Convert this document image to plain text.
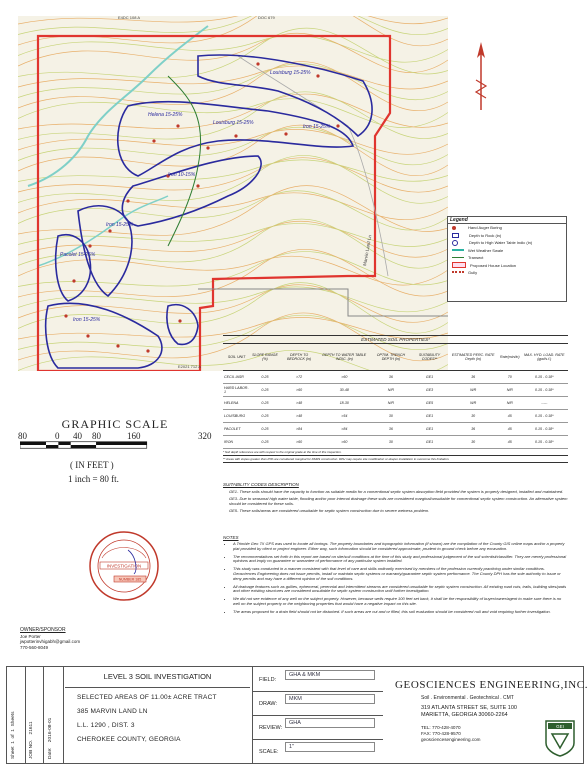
E4DC 108 A	DOC 679
E2021 712 A
Marvin Land Ln
Louisburg 15-25%
Helena 15-25%
Iron 15-25%
Louisburg 15-25%
Iron 10-15%
Iron 15-25%
Pacolet 15-25%
Iron 15-25%
Legend
Hand Auger Boring
Depth to Rock (in)
Depth to High Water Table Indic (in)
Wet Weather Swale
Transect
Proposed House Location
Gully
GRAPHIC SCALE
80	0 40 80	160	320
( IN FEET )
1 inch = 80 ft.
ESTIMATED SOIL PROPERTIES*
SOIL UNIT	SLOPE RANGE (%)	DEPTH TO BEDROCK (in)	DEPTH TO WATER TABLE INDIC. (in)	OPTIM. TRENCH DEPTH (in)	SUITABILITY CODES**	ESTIMATED PERC. RATE Depth (in)	Rate(min/in)	MAX. HYD. LOAD. RATE (gpd/s.f.)
CECIL IASR	0-25	>72	>60	36	GE1	36	70	0.15 - 0.18*
HARD LABOR-1	0-25	>60	30-48	N/R	GE3	N/R	N/R	0.15 - 0.18*
HELENA	0-25	>48	18-30	N/R	GE5	N/R	N/R	-----
LOUISBURG	0-25	>48	>54	30	GE1	30	45	0.15 - 0.18*
PACOLET	0-25	>84	>84	36	GE1	36	45	0.15 - 0.18*
IRON	0-25	>60	>60	30	GE1	30	45	0.15 - 0.18*
* Soil depth references are with respect to the original grade at the time of this inspection.
** Areas with slopes greater than 25% are considered marginal for DSMS construction. DPH may require site modification or deeper installation to overcome this limitation.
SUITABILITY CODES DESCRIPTION

GE1- These soils should have the capacity to function as suitable media for a conventional septic system absorption field provided the system is properly designed, installed and maintained.

GE3- Due to seasonal high water table, flooding and/or poor internal drainage these soils are considered marginal/unsuitable for conventional septic system construction. An alternative system should be considered for these soils.

GE5- These soils/areas are considered unsuitable for septic system construction due to severe wetness problem.

NOTES
• A Trimble Geo 7X GPS was used to locate all borings. The property boundaries and topographic information (if shown) are the compilation of the County GIS online maps and/or a property plat provided by client or project engineer. Either way, such information should be considered approximate, prudent to ground check before any excavation.
• The recommendations set forth in this report are based on site/soil conditions at the time of this study and professional judgement of the soil scientist/classifier. They are merely professional opinions and imply no guarantee or warrantee of performance of any particular system installed.
• This study was conducted in a manner consistent with that level of care and skills ordinarily exercised by members of the profession currently practicing under similar conditions. Geosciences Engineering does not issue permits, install or maintain septic systems or warranty/guarantee septic system performance. The County DPH has the sole authority to issue or deny permits and may have a different opinion of the soil conditions.
• All drainage features such as gullies, ephemeral, perennial and intermittent streams are considered unsuitable for septic system construction. All existing road cuts, trails, building sites/pads and other existing structures are considered unsuitable for septic system construction until further investigation.
• We did not see evidence of any well on the subject property. However, because wells require 100 feet set back, it shall be the responsibility of buyer/owner/agent to make sure there is no well on the subject property or the neighboring properties that would have a negative impact on this site.
• The areas proposed for a drain field should not be disturbed. If such areas are cut and or filled, this soil evaluation should be considered null and void requiring further investigation.
INVESTIGATION
NUMBER 185
OWNER/SPONSOR
Joe Porter
jwpotterinvhigabh@gmail.com
770-560-8049
Sheet  1  of  1  Sheets
JOB NO.    21611
Date:    2016-08-01
LEVEL 3 SOIL INVESTIGATION
SELECTED AREAS OF 11.00± ACRE TRACT
385 MARVIN LAND LN
L.L. 1290 , DIST. 3
CHEROKEE COUNTY, GEORGIA
FIELD:
GHA & MKM
DRAW:
MKM
REVIEW:
GHA
SCALE:
1"
GEOSCIENCES ENGINEERING,INC.
Soil . Environmental . Geotechnical . CMT
319 ATLANTA STREET SE, SUITE 100
MARIETTA, GEORGIA 30060-2264
TEL: 770-428-4070
FAX: 770-428-9570
geosciencesengineering.com
GEI
